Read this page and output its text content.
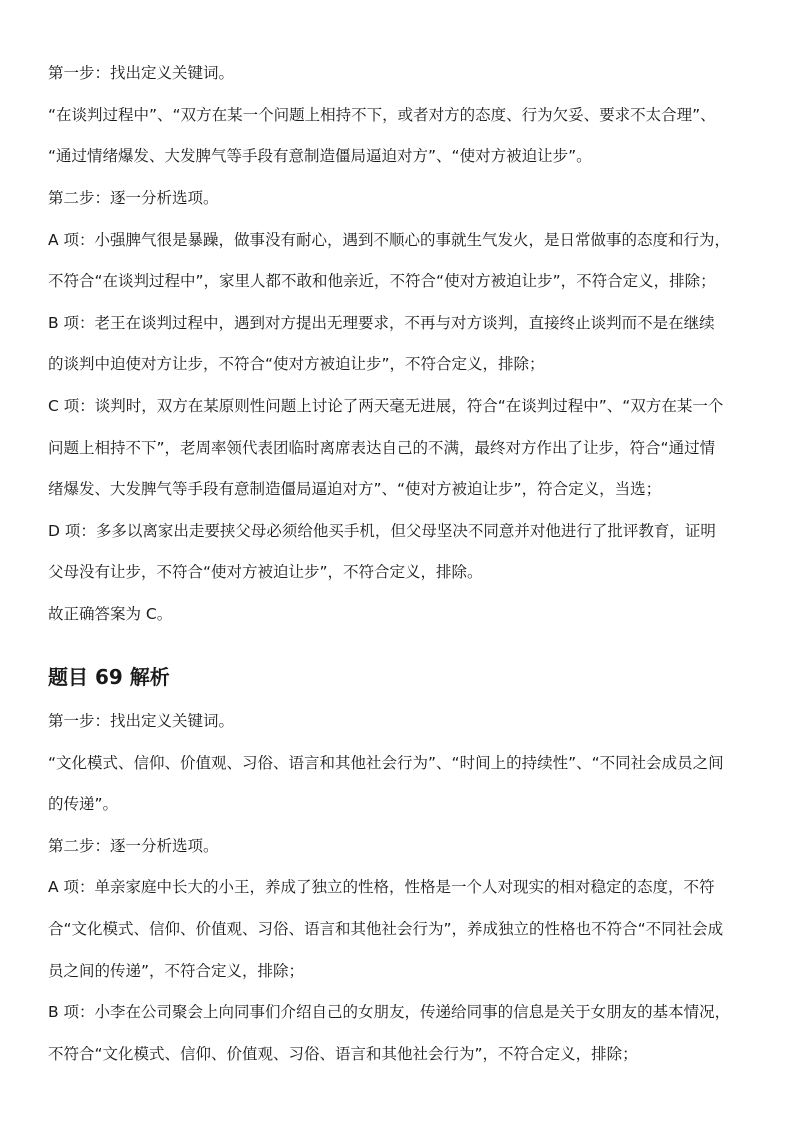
第一步：找出定义关键词。
“在谈判过程中”、“双方在某一个问题上相持不下，或者对方的态度、行为欠妥、要求不太合理”、
“通过情绪爆发、大发脾气等手段有意制造僵局逼迫对方”、“使对方被迫让步”。
第二步：逐一分析选项。
A 项：小强脾气很是暴躁，做事没有耐心，遇到不顺心的事就生气发火，是日常做事的态度和行为，
不符合“在谈判过程中”，家里人都不敢和他亲近，不符合“使对方被迫让步”，不符合定义，排除；
B 项：老王在谈判过程中，遇到对方提出无理要求，不再与对方谈判，直接终止谈判而不是在继续
的谈判中迫使对方让步，不符合“使对方被迫让步”，不符合定义，排除；
C 项：谈判时，双方在某原则性问题上讨论了两天毫无进展，符合“在谈判过程中”、“双方在某一个
问题上相持不下”，老周率领代表团临时离席表达自己的不满，最终对方作出了让步，符合“通过情
绪爆发、大发脾气等手段有意制造僵局逼迫对方”、“使对方被迫让步”，符合定义，当选；
D 项：多多以离家出走要挟父母必须给他买手机，但父母坚决不同意并对他进行了批评教育，证明
父母没有让步，不符合“使对方被迫让步”，不符合定义，排除。
故正确答案为 C。
题目 69 解析
第一步：找出定义关键词。
“文化模式、信仰、价值观、习俗、语言和其他社会行为”、“时间上的持续性”、“不同社会成员之间
的传递”。
第二步：逐一分析选项。
A 项：单亲家庭中长大的小王，养成了独立的性格，性格是一个人对现实的相对稳定的态度，不符
合“文化模式、信仰、价值观、习俗、语言和其他社会行为”，养成独立的性格也不符合“不同社会成
员之间的传递”，不符合定义，排除；
B 项：小李在公司聚会上向同事们介绍自己的女朋友，传递给同事的信息是关于女朋友的基本情况，
不符合“文化模式、信仰、价值观、习俗、语言和其他社会行为”，不符合定义，排除；
